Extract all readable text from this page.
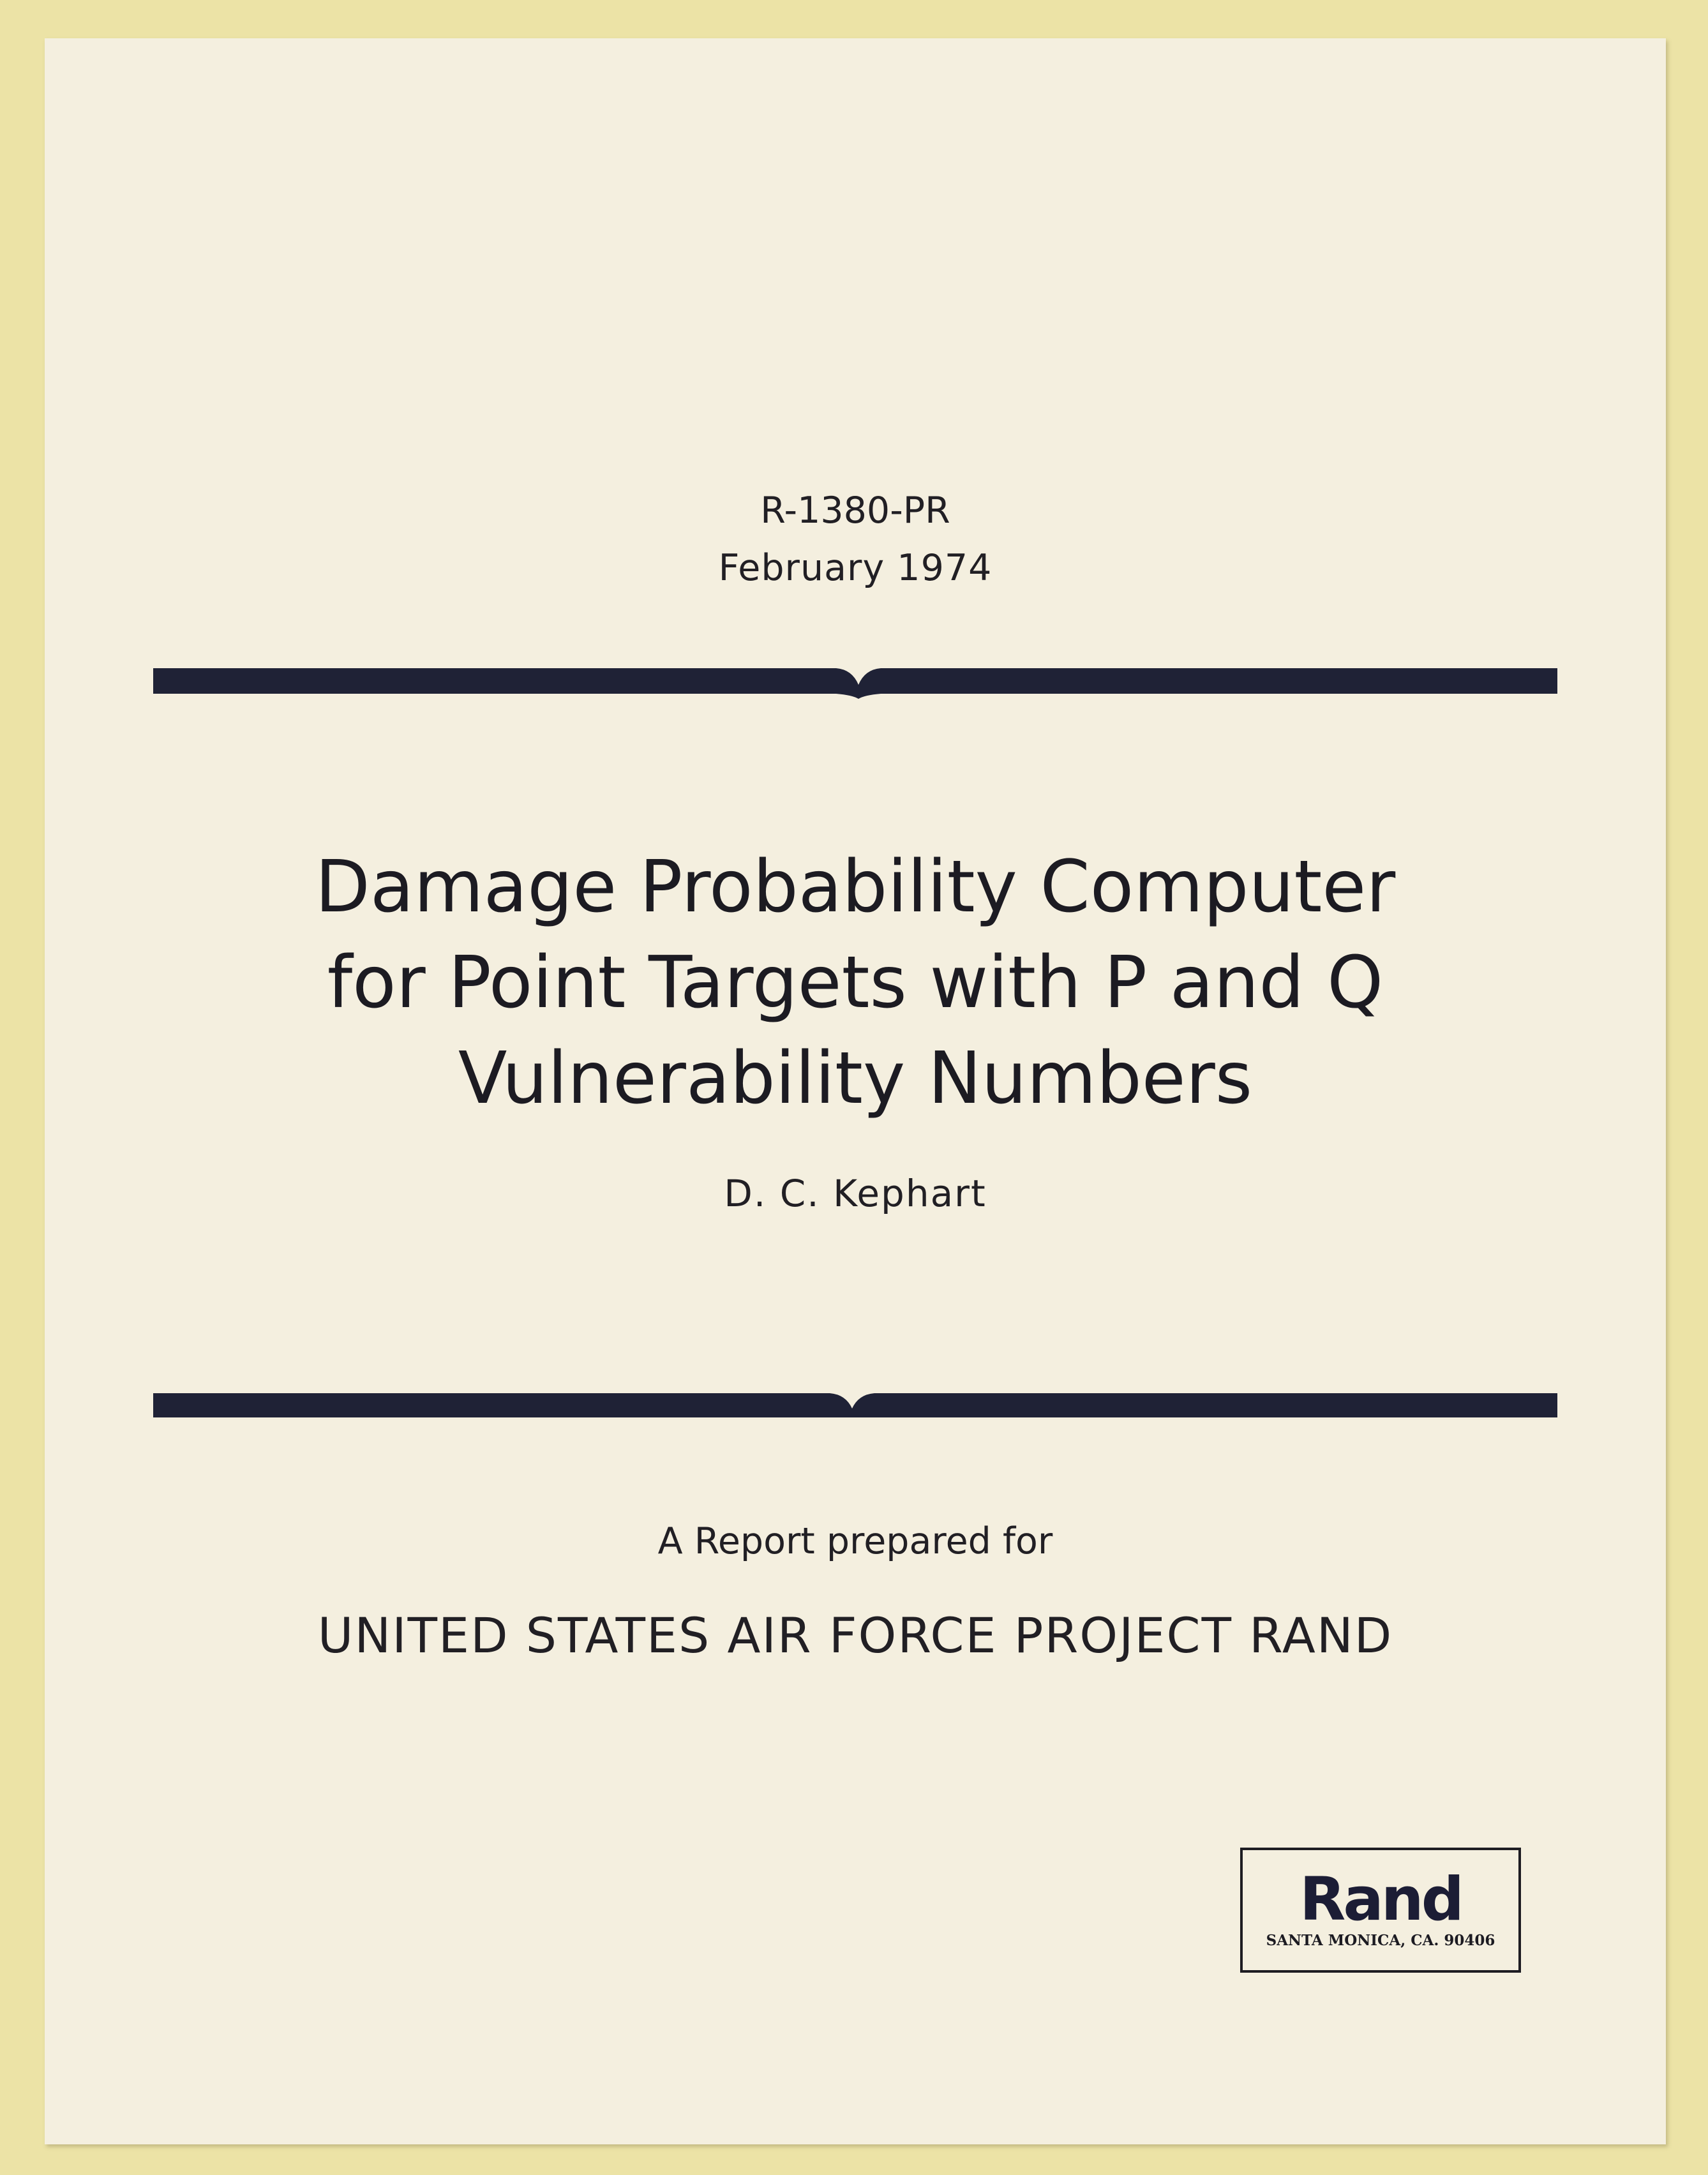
R-1380-PR
February 1974
Damage Probability Computer
for Point Targets with P and Q
Vulnerability Numbers
D. C. Kephart
A Report prepared for
UNITED STATES AIR FORCE PROJECT RAND
Rand
SANTA MONICA, CA. 90406
